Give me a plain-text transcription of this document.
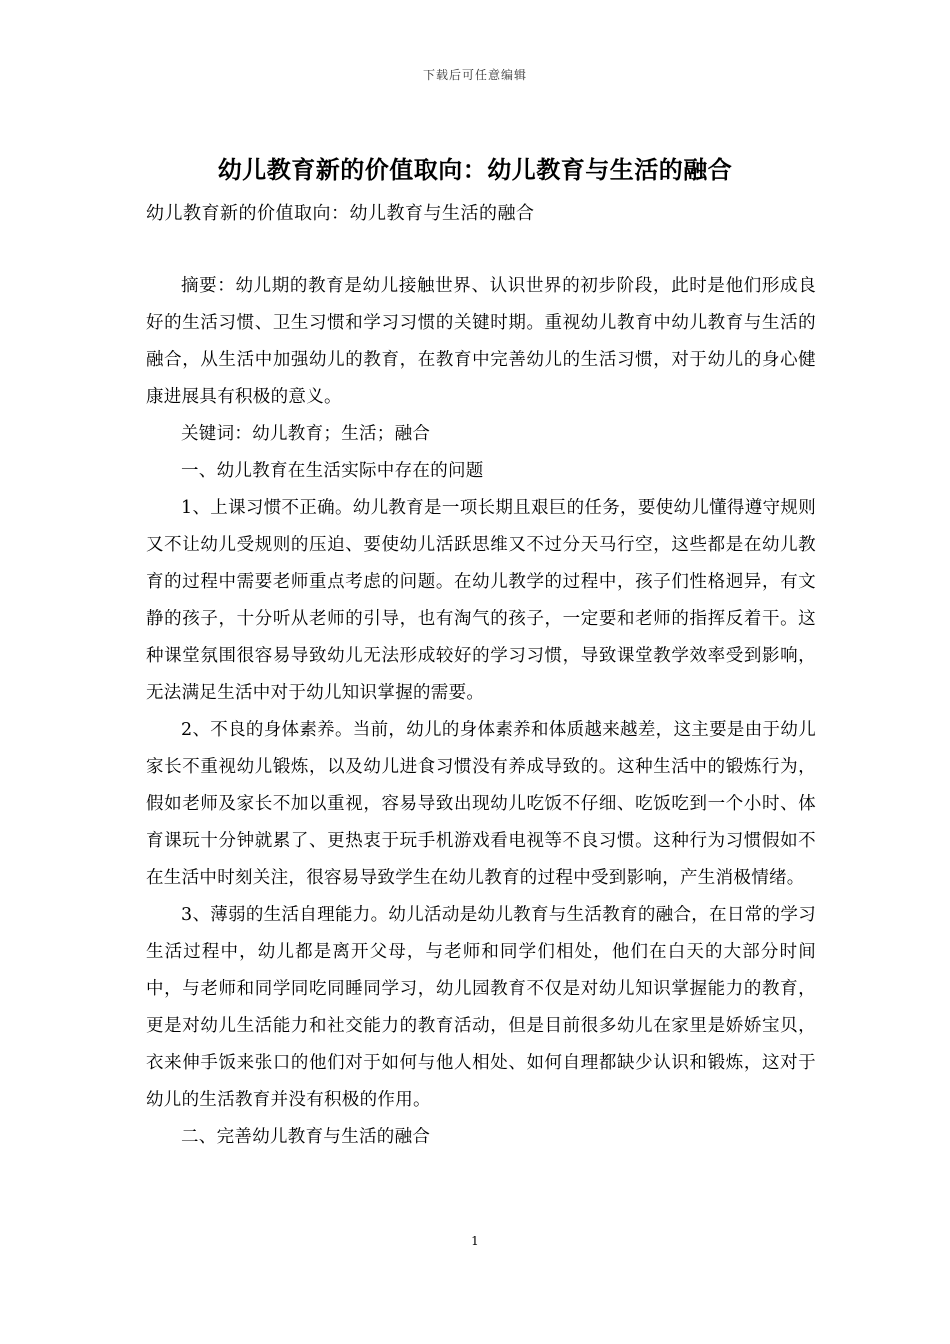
下载后可任意编辑
幼儿教育新的价值取向：幼儿教育与生活的融合

幼儿教育新的价值取向：幼儿教育与生活的融合

摘要：幼儿期的教育是幼儿接触世界、认识世界的初步阶段，此时是他们形成良好的生活习惯、卫生习惯和学习习惯的关键时期。重视幼儿教育中幼儿教育与生活的融合，从生活中加强幼儿的教育，在教育中完善幼儿的生活习惯，对于幼儿的身心健康进展具有积极的意义。

关键词：幼儿教育；生活；融合

一、幼儿教育在生活实际中存在的问题

1、上课习惯不正确。幼儿教育是一项长期且艰巨的任务，要使幼儿懂得遵守规则又不让幼儿受规则的压迫、要使幼儿活跃思维又不过分天马行空，这些都是在幼儿教育的过程中需要老师重点考虑的问题。在幼儿教学的过程中，孩子们性格迥异，有文静的孩子，十分听从老师的引导，也有淘气的孩子，一定要和老师的指挥反着干。这种课堂氛围很容易导致幼儿无法形成较好的学习习惯，导致课堂教学效率受到影响，无法满足生活中对于幼儿知识掌握的需要。

2、不良的身体素养。当前，幼儿的身体素养和体质越来越差，这主要是由于幼儿家长不重视幼儿锻炼，以及幼儿进食习惯没有养成导致的。这种生活中的锻炼行为，假如老师及家长不加以重视，容易导致出现幼儿吃饭不仔细、吃饭吃到一个小时、体育课玩十分钟就累了、更热衷于玩手机游戏看电视等不良习惯。这种行为习惯假如不在生活中时刻关注，很容易导致学生在幼儿教育的过程中受到影响，产生消极情绪。

3、薄弱的生活自理能力。幼儿活动是幼儿教育与生活教育的融合，在日常的学习生活过程中，幼儿都是离开父母，与老师和同学们相处，他们在白天的大部分时间中，与老师和同学同吃同睡同学习，幼儿园教育不仅是对幼儿知识掌握能力的教育，更是对幼儿生活能力和社交能力的教育活动，但是目前很多幼儿在家里是娇娇宝贝，衣来伸手饭来张口的他们对于如何与他人相处、如何自理都缺少认识和锻炼，这对于幼儿的生活教育并没有积极的作用。

二、完善幼儿教育与生活的融合

1
